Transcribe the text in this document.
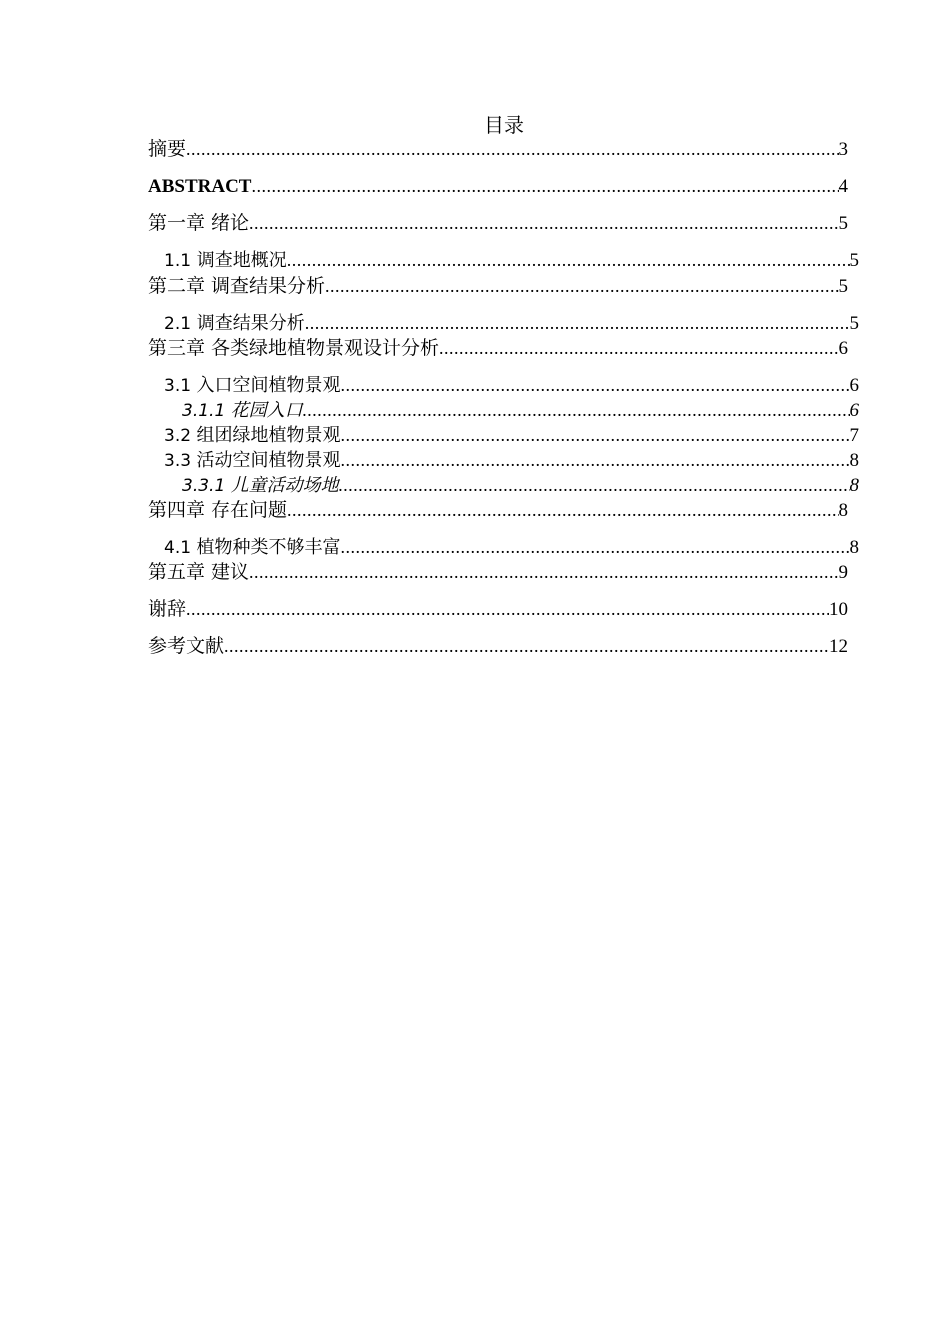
目录
摘要 .....	3
ABSTRACT .....	4
第一章 绪论 .....	5
1.1 调查地概况 .....	5
第二章 调查结果分析 .....	5
2.1 调查结果分析 .....	5
第三章 各类绿地植物景观设计分析 .....	6
3.1 入口空间植物景观 .....	6
3.1.1 花园入口 .....	6
3.2 组团绿地植物景观 .....	7
3.3 活动空间植物景观 .....	8
3.3.1 儿童活动场地 .....	8
第四章 存在问题 .....	8
4.1 植物种类不够丰富 .....	8
第五章 建议 .....	9
谢辞 .....	10
参考文献 .....	12
